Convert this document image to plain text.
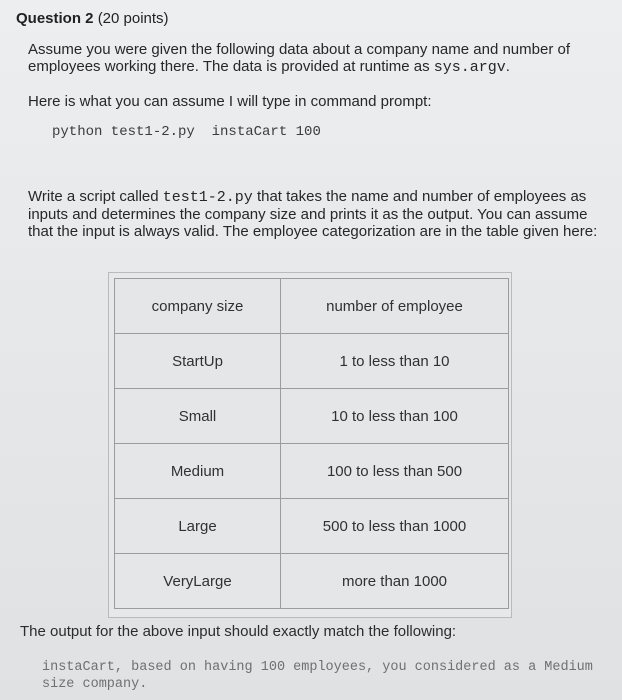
Question 2 (20 points)
Assume you were given the following data about a company name and number of employees working there. The data is provided at runtime as sys.argv.
Here is what you can assume I will type in command prompt:
python test1-2.py  instaCart 100
Write a script called test1-2.py that takes the name and number of employees as inputs and determines the company size and prints it as the output. You can assume that the input is always valid. The employee categorization are in the table given here:
company size	number of employee
StartUp	1 to less than 10
Small	10 to less than 100
Medium	100 to less than 500
Large	500 to less than 1000
VeryLarge	more than 1000
The output for the above input should exactly match the following:
instaCart, based on having 100 employees, you considered as a Medium size company.
